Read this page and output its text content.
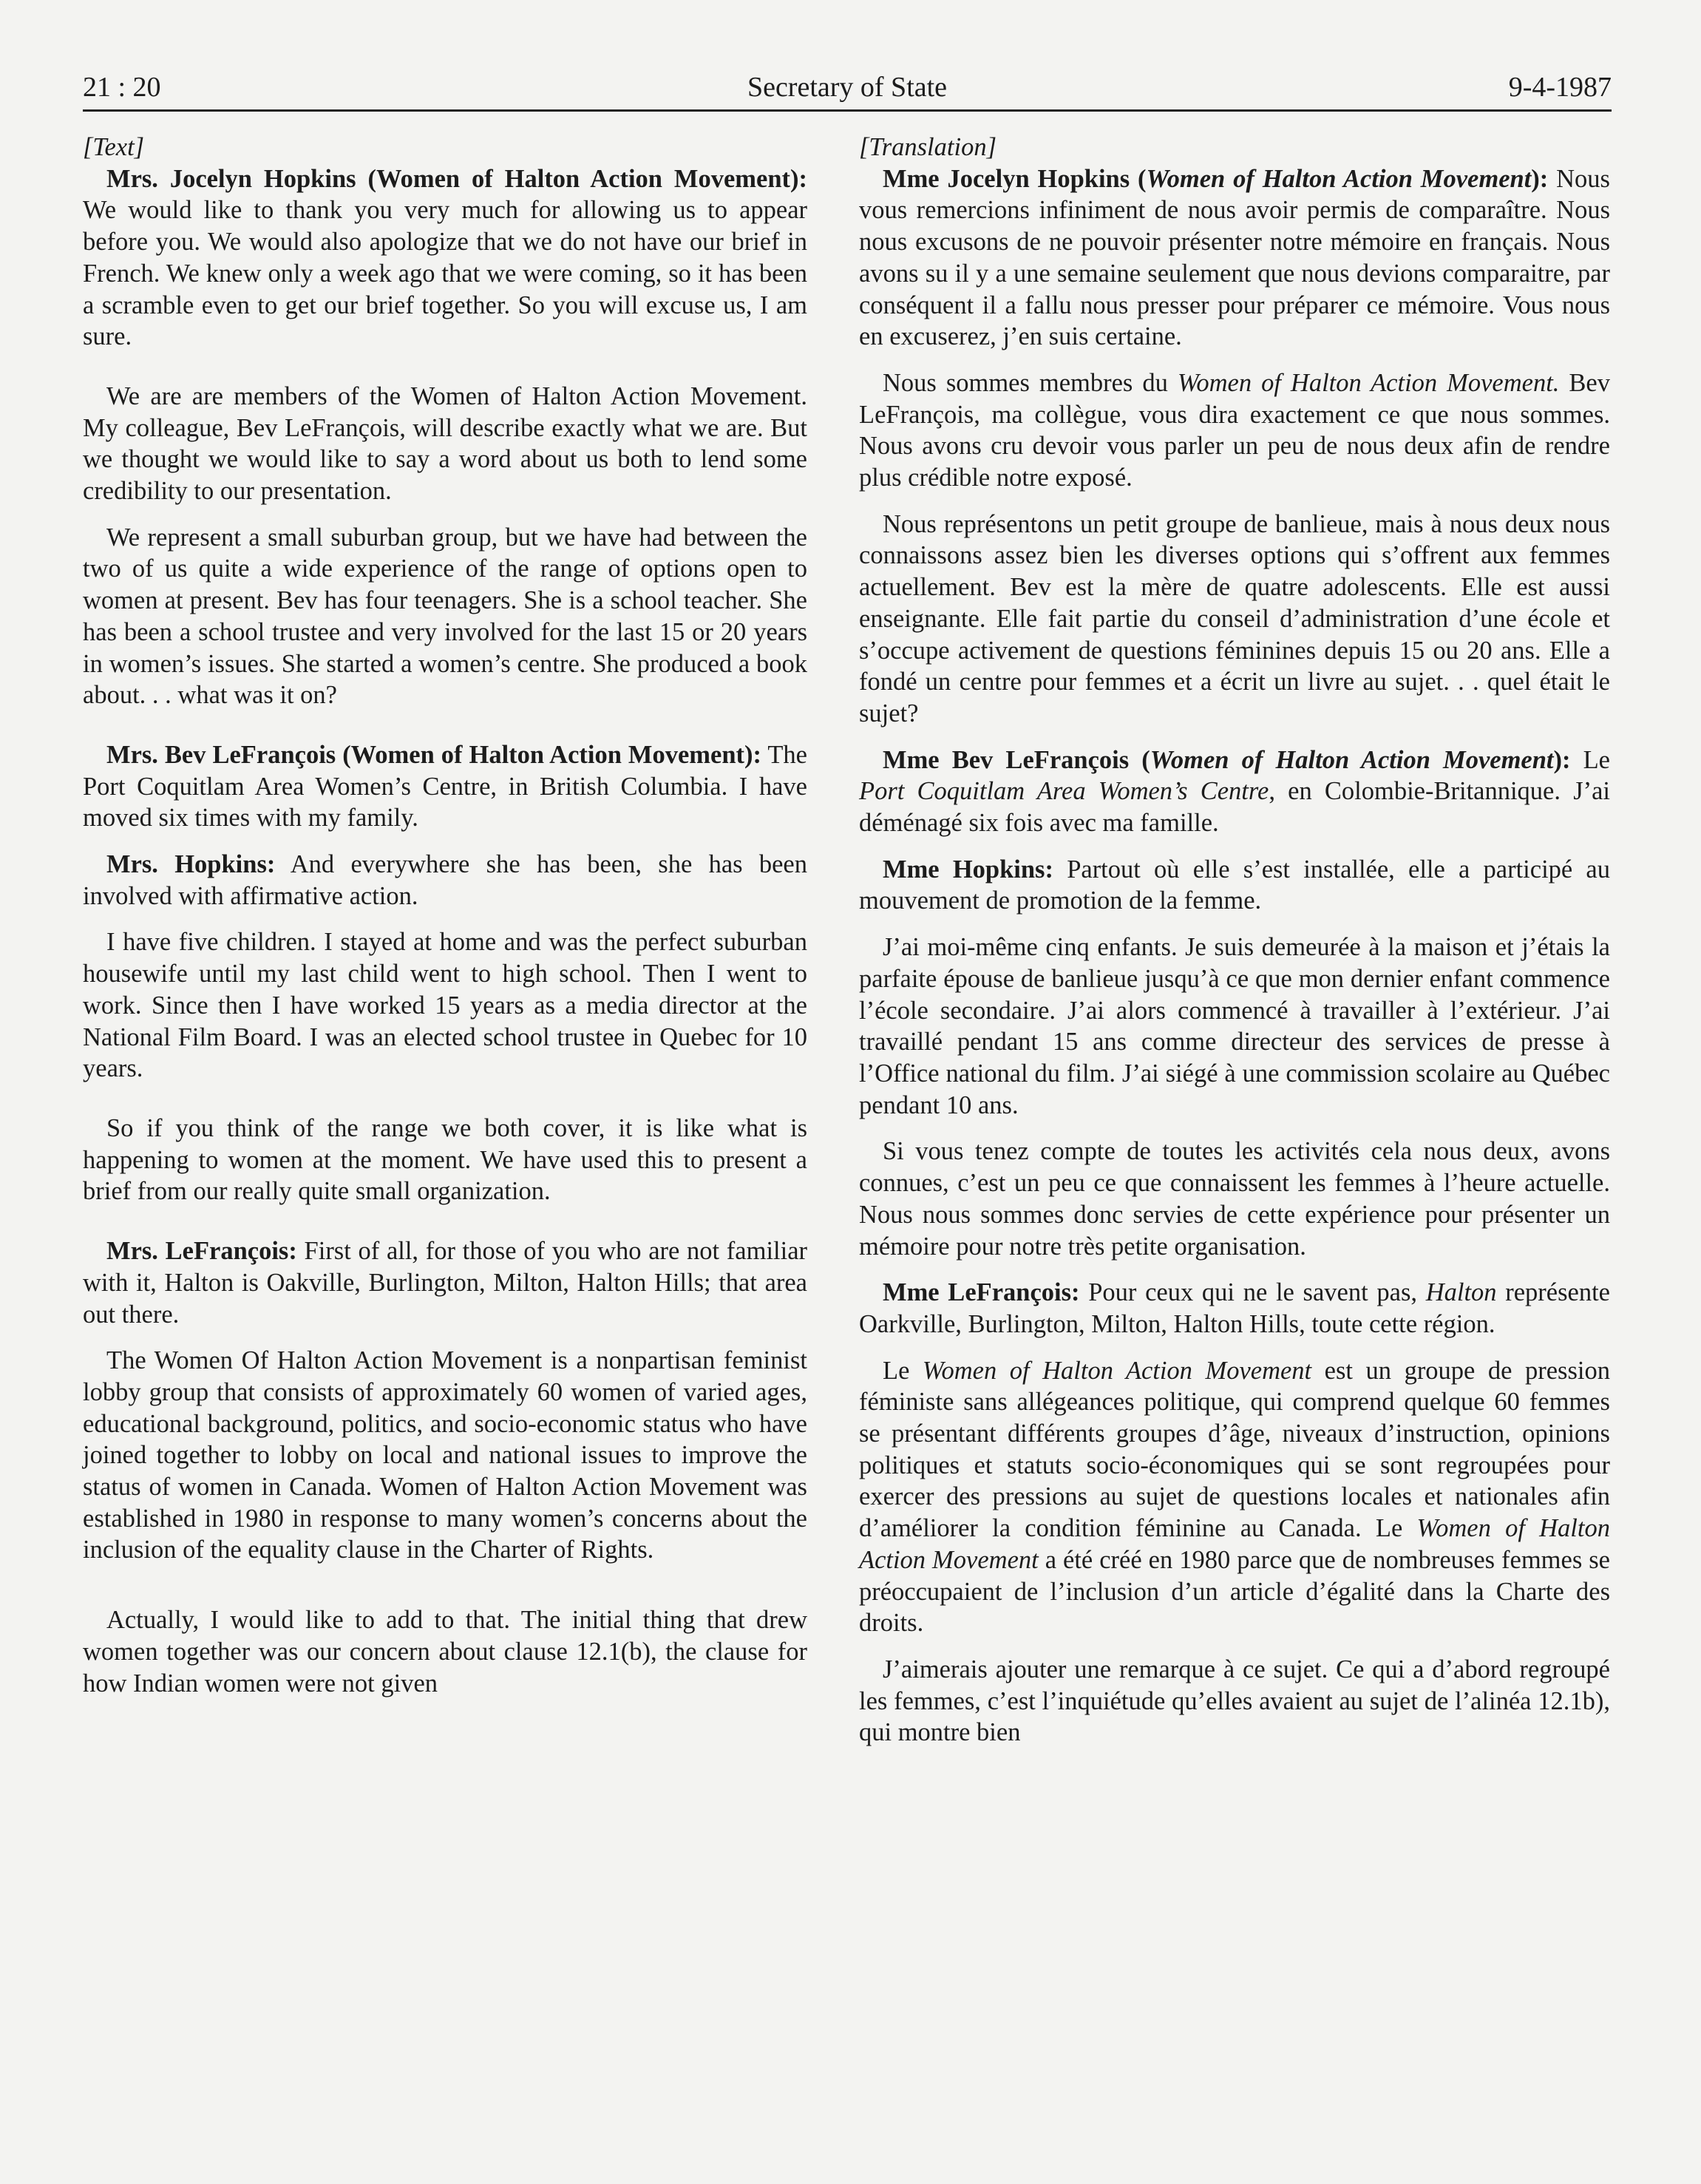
21 : 20	Secretary of State	9-4-1987

[Text]

Mrs. Jocelyn Hopkins (Women of Halton Action Movement): We would like to thank you very much for allowing us to appear before you. We would also apologize that we do not have our brief in French. We knew only a week ago that we were coming, so it has been a scramble even to get our brief together. So you will excuse us, I am sure.

We are are members of the Women of Halton Action Movement. My colleague, Bev LeFrançois, will describe exactly what we are. But we thought we would like to say a word about us both to lend some credibility to our presentation.

We represent a small suburban group, but we have had between the two of us quite a wide experience of the range of options open to women at present. Bev has four teenagers. She is a school teacher. She has been a school trustee and very involved for the last 15 or 20 years in women’s issues. She started a women’s centre. She produced a book about. . . what was it on?

Mrs. Bev LeFrançois (Women of Halton Action Movement): The Port Coquitlam Area Women’s Centre, in British Columbia. I have moved six times with my family.

Mrs. Hopkins: And everywhere she has been, she has been involved with affirmative action.

I have five children. I stayed at home and was the perfect suburban housewife until my last child went to high school. Then I went to work. Since then I have worked 15 years as a media director at the National Film Board. I was an elected school trustee in Quebec for 10 years.

So if you think of the range we both cover, it is like what is happening to women at the moment. We have used this to present a brief from our really quite small organization.

Mrs. LeFrançois: First of all, for those of you who are not familiar with it, Halton is Oakville, Burlington, Milton, Halton Hills; that area out there.

The Women Of Halton Action Movement is a nonpartisan feminist lobby group that consists of approximately 60 women of varied ages, educational background, politics, and socio-economic status who have joined together to lobby on local and national issues to improve the status of women in Canada. Women of Halton Action Movement was established in 1980 in response to many women’s concerns about the inclusion of the equality clause in the Charter of Rights.

Actually, I would like to add to that. The initial thing that drew women together was our concern about clause 12.1(b), the clause for how Indian women were not given

[Translation]

Mme Jocelyn Hopkins (Women of Halton Action Movement): Nous vous remercions infiniment de nous avoir permis de comparaître. Nous nous excusons de ne pouvoir présenter notre mémoire en français. Nous avons su il y a une semaine seulement que nous devions comparaitre, par conséquent il a fallu nous presser pour préparer ce mémoire. Vous nous en excuserez, j’en suis certaine.

Nous sommes membres du Women of Halton Action Movement. Bev LeFrançois, ma collègue, vous dira exactement ce que nous sommes. Nous avons cru devoir vous parler un peu de nous deux afin de rendre plus crédible notre exposé.

Nous représentons un petit groupe de banlieue, mais à nous deux nous connaissons assez bien les diverses options qui s’offrent aux femmes actuellement. Bev est la mère de quatre adolescents. Elle est aussi enseignante. Elle fait partie du conseil d’administration d’une école et s’occupe activement de questions féminines depuis 15 ou 20 ans. Elle a fondé un centre pour femmes et a écrit un livre au sujet. . . quel était le sujet?

Mme Bev LeFrançois (Women of Halton Action Movement): Le Port Coquitlam Area Women’s Centre, en Colombie-Britannique. J’ai déménagé six fois avec ma famille.

Mme Hopkins: Partout où elle s’est installée, elle a participé au mouvement de promotion de la femme.

J’ai moi-même cinq enfants. Je suis demeurée à la maison et j’étais la parfaite épouse de banlieue jusqu’à ce que mon dernier enfant commence l’école secondaire. J’ai alors commencé à travailler à l’extérieur. J’ai travaillé pendant 15 ans comme directeur des services de presse à l’Office national du film. J’ai siégé à une commission scolaire au Québec pendant 10 ans.

Si vous tenez compte de toutes les activités cela nous deux, avons connues, c’est un peu ce que connaissent les femmes à l’heure actuelle. Nous nous sommes donc servies de cette expérience pour présenter un mémoire pour notre très petite organisation.

Mme LeFrançois: Pour ceux qui ne le savent pas, Halton représente Oarkville, Burlington, Milton, Halton Hills, toute cette région.

Le Women of Halton Action Movement est un groupe de pression féministe sans allégeances politique, qui comprend quelque 60 femmes se présentant différents groupes d’âge, niveaux d’instruction, opinions politiques et statuts socio-économiques qui se sont regroupées pour exercer des pressions au sujet de questions locales et nationales afin d’améliorer la condition féminine au Canada. Le Women of Halton Action Movement a été créé en 1980 parce que de nombreuses femmes se préoccupaient de l’inclusion d’un article d’égalité dans la Charte des droits.

J’aimerais ajouter une remarque à ce sujet. Ce qui a d’abord regroupé les femmes, c’est l’inquiétude qu’elles avaient au sujet de l’alinéa 12.1b), qui montre bien
